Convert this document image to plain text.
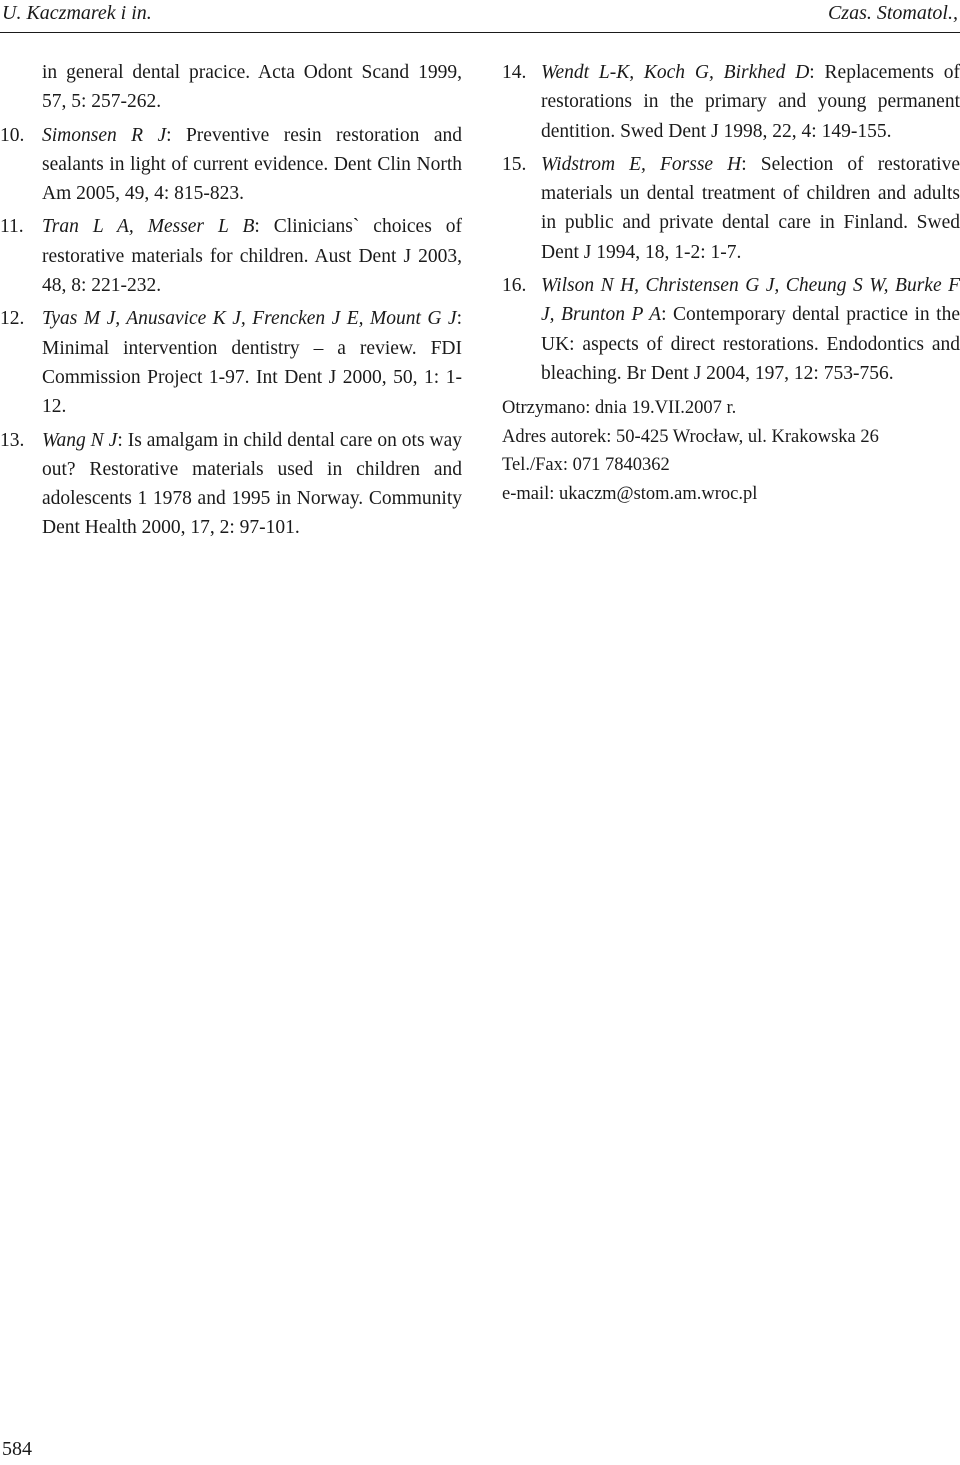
U. Kaczmarek i in.	Czas. Stomatol.,

in general dental pracice. Acta Odont Scand 1999, 57, 5: 257-262.

10. Simonsen R J: Preventive resin restoration and sealants in light of current evidence. Dent Clin North Am 2005, 49, 4: 815-823.

11. Tran L A, Messer L B: Clinicians` choices of restorative materials for children. Aust Dent J 2003, 48, 8: 221-232.

12. Tyas M J, Anusavice K J, Frencken J E, Mount G J: Minimal intervention dentistry – a review. FDI Commission Project 1-97. Int Dent J 2000, 50, 1: 1-12.

13. Wang N J: Is amalgam in child dental care on ots way out? Restorative materials used in children and adolescents 1 1978 and 1995 in Norway. Community Dent Health 2000, 17, 2: 97-101.

14. Wendt L-K, Koch G, Birkhed D: Replacements of restorations in the primary and young permanent dentition. Swed Dent J 1998, 22, 4: 149-155.

15. Widstrom E, Forsse H: Selection of restorative materials un dental treatment of children and adults in public and private dental care in Finland. Swed Dent J 1994, 18, 1-2: 1-7.

16. Wilson N H, Christensen G J, Cheung S W, Burke F J, Brunton P A: Contemporary dental practice in the UK: aspects of direct restorations. Endodontics and bleaching. Br Dent J 2004, 197, 12: 753-756.

Otrzymano: dnia 19.VII.2007 r.
Adres autorek: 50-425 Wrocław, ul. Krakowska 26
Tel./Fax: 071 7840362
e-mail: ukaczm@stom.am.wroc.pl
584
